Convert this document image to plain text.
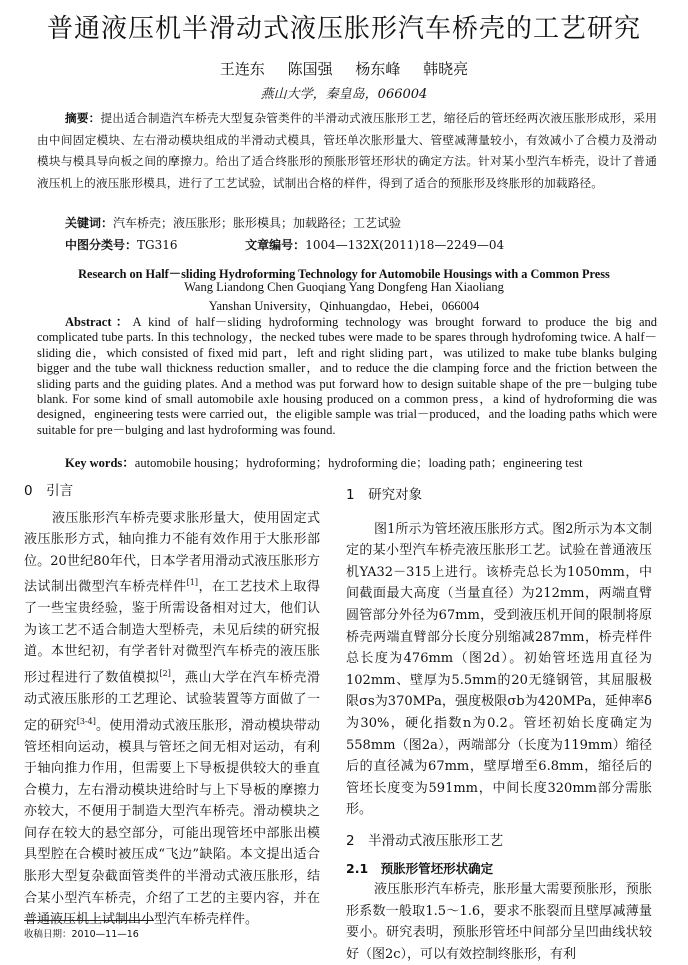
普通液压机半滑动式液压胀形汽车桥壳的工艺研究
王连东 陈国强 杨东峰 韩晓亮
燕山大学，秦皇岛，066004
摘要：提出适合制造汽车桥壳大型复杂管类件的半滑动式液压胀形工艺，缩径后的管坯经两次液压胀形成形，采用由中间固定模块、左右滑动模块组成的半滑动式模具，管坯单次胀形量大、管壁减薄量较小，有效减小了合模力及滑动模块与模具导向板之间的摩擦力。给出了适合终胀形的预胀形管坯形状的确定方法。针对某小型汽车桥壳，设计了普通液压机上的液压胀形模具，进行了工艺试验，试制出合格的样件，得到了适合的预胀形及终胀形的加载路径。
关键词：汽车桥壳；液压胀形；胀形模具；加载路径；工艺试验
中图分类号：TG316	文章编号：1004—132X(2011)18—2249—04
Research on Half－sliding Hydroforming Technology for Automobile Housings with a Common Press
Wang Liandong Chen Guoqiang Yang Dongfeng Han Xiaoliang
Yanshan University，Qinhuangdao，Hebei，066004
Abstract：A kind of half－sliding hydroforming technology was brought forward to produce the big and complicated tube parts. In this technology，the necked tubes were made to be spares through hydrofoming twice. A half－sliding die，which consisted of fixed mid part，left and right sliding part，was utilized to make tube blanks bulging bigger and the tube wall thickness reduction smaller，and to reduce the die clamping force and the friction between the sliding parts and the guiding plates. And a method was put forward how to design suitable shape of the pre－bulging tube blank. For some kind of small automobile axle housing produced on a common press，a kind of hydroforming die was designed，engineering tests were carried out，the eligible sample was trial－produced，and the loading paths which were suitable for pre－bulging and last hydroforming was found.
Key words：automobile housing；hydroforming；hydroforming die；loading path；engineering test
0　引言

液压胀形汽车桥壳要求胀形量大，使用固定式液压胀形方式，轴向推力不能有效作用于大胀形部位。20世纪80年代，日本学者用滑动式液压胀形方法试制出微型汽车桥壳样件[1]，在工艺技术上取得了一些宝贵经验，鉴于所需设备相对过大，他们认为该工艺不适合制造大型桥壳，未见后续的研究报道。本世纪初，有学者针对微型汽车桥壳的液压胀形过程进行了数值模拟[2]，燕山大学在汽车桥壳滑动式液压胀形的工艺理论、试验装置等方面做了一定的研究[3-4]。使用滑动式液压胀形，滑动模块带动管坯相向运动，模具与管坯之间无相对运动，有利于轴向推力作用，但需要上下导板提供较大的垂直合模力，左右滑动模块进给时与上下导板的摩擦力亦较大，不便用于制造大型汽车桥壳。滑动模块之间存在较大的悬空部分，可能出现管坯中部胀出模具型腔在合模时被压成“飞边”缺陷。本文提出适合胀形大型复杂截面管类件的半滑动式液压胀形，结合某小型汽车桥壳，介绍了工艺的主要内容，并在普通液压机上试制出小型汽车桥壳样件。

1　研究对象

图1所示为管坯液压胀形方式。图2所示为本文制定的某小型汽车桥壳液压胀形工艺。试验在普通液压机YA32－315上进行。该桥壳总长为1050mm，中间截面最大高度（当量直径）为212mm，两端直臂圆管部分外径为67mm，受到液压机开间的限制将原桥壳两端直臂部分长度分别缩减287mm，桥壳样件总长度为476mm（图2d）。初始管坯选用直径为102mm、壁厚为5.5mm的20无缝钢管，其屈服极限σs为370MPa，强度极限σb为420MPa，延伸率δ为30%，硬化指数n为0.2。管坯初始长度确定为558mm（图2a），两端部分（长度为119mm）缩径后的直径减为67mm，壁厚增至6.8mm，缩径后的管坯长度变为591mm，中间长度320mm部分需胀形。

2　半滑动式液压胀形工艺
2.1　预胀形管坯形状确定

液压胀形汽车桥壳，胀形量大需要预胀形，预胀形系数一般取1.5～1.6，要求不胀裂而且壁厚减薄量要小。研究表明，预胀形管坯中间部分呈凹曲线状较好（图2c），可以有效控制终胀形，有利

收稿日期：2010—11—16
